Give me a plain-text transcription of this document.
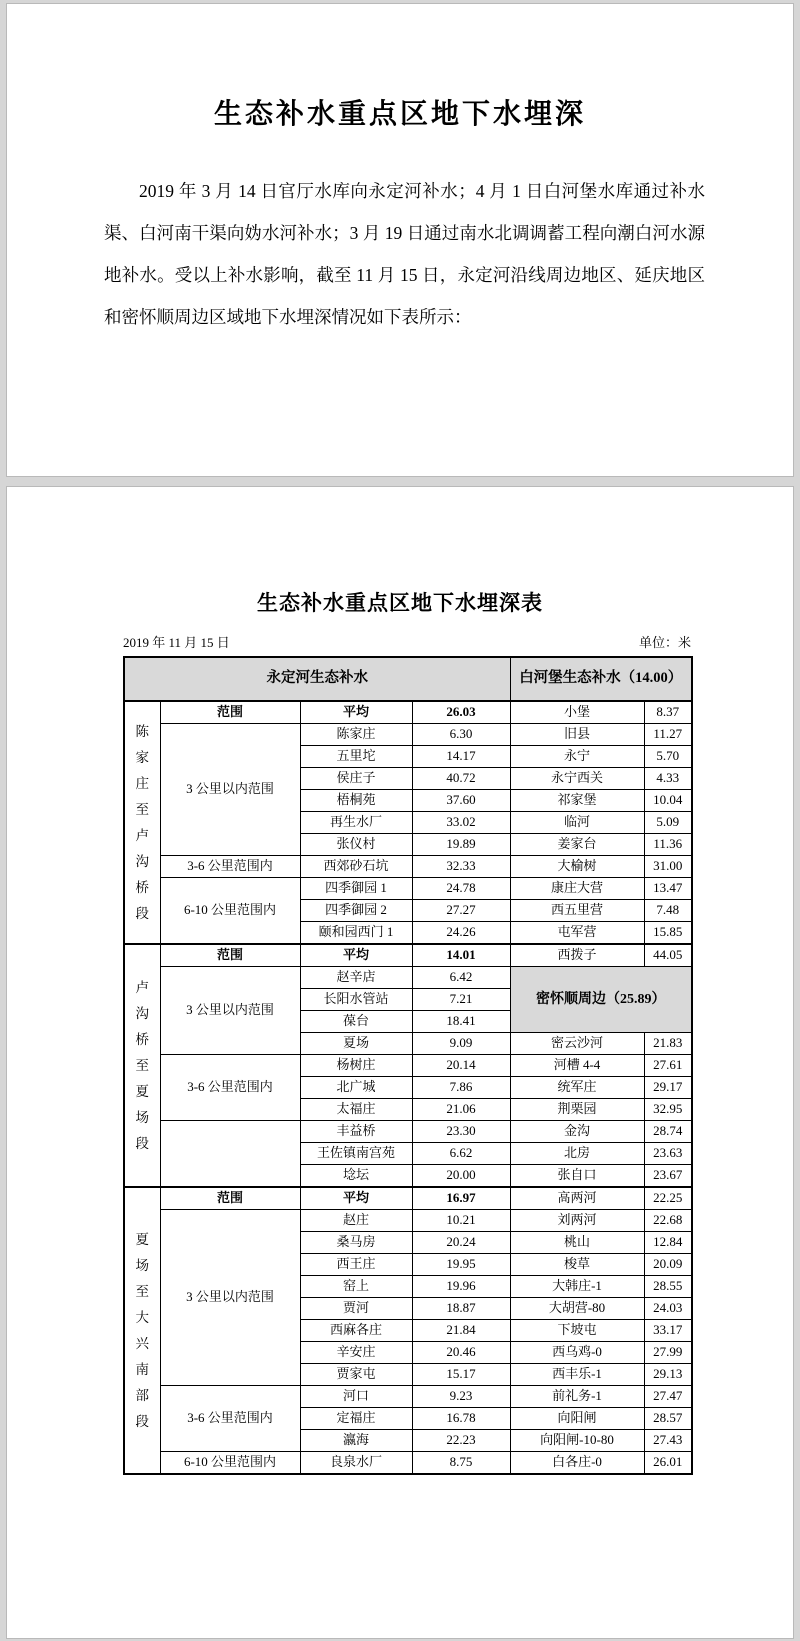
生态补水重点区地下水埋深
2019 年 3 月 14 日官厅水库向永定河补水；4 月 1 日白河堡水库通过补水渠、白河南干渠向妫水河补水；3 月 19 日通过南水北调调蓄工程向潮白河水源地补水。受以上补水影响，截至 11 月 15 日，永定河沿线周边地区、延庆地区和密怀顺周边区域地下水埋深情况如下表所示：
生态补水重点区地下水埋深表
2019 年 11 月 15 日	单位：米
永定河生态补水				白河堡生态补水（14.00）	

陈家庄至卢沟桥段	范围	平均	26.03	小堡	8.37
	3 公里以内范围	陈家庄	6.30	旧县	11.27
		五里坨	14.17	永宁	5.70
		侯庄子	40.72	永宁西关	4.33
		梧桐苑	37.60	祁家堡	10.04
		再生水厂	33.02	临河	5.09
		张仪村	19.89	姜家台	11.36
	3-6 公里范围内	西郊砂石坑	32.33	大榆树	31.00
	6-10 公里范围内	四季御园 1	24.78	康庄大营	13.47
		四季御园 2	27.27	西五里营	7.48
		颐和园西门 1	24.26	屯军营	15.85

卢沟桥至夏场段	范围	平均	14.01	西拨子	44.05
	3 公里以内范围	赵辛店	6.42	密怀顺周边（25.89）	
		长阳水管站	7.21		
		葆台	18.41		
		夏场	9.09	密云沙河	21.83
	3-6 公里范围内	杨树庄	20.14	河槽 4-4	27.61
		北广城	7.86	统军庄	29.17
		太福庄	21.06	荆栗园	32.95
		丰益桥	23.30	金沟	28.74
		王佐镇南宫苑	6.62	北房	23.63
		埝坛	20.00	张自口	23.67

夏场至大兴南部段	范围	平均	16.97	高两河	22.25
	3 公里以内范围	赵庄	10.21	刘两河	22.68
		桑马房	20.24	桃山	12.84
		西王庄	19.95	梭草	20.09
		窑上	19.96	大韩庄-1	28.55
		贾河	18.87	大胡营-80	24.03
		西麻各庄	21.84	下坡屯	33.17
		辛安庄	20.46	西乌鸡-0	27.99
		贾家屯	15.17	西丰乐-1	29.13
	3-6 公里范围内	河口	9.23	前礼务-1	27.47
		定福庄	16.78	向阳闸	28.57
		瀛海	22.23	向阳闸-10-80	27.43
	6-10 公里范围内	良泉水厂	8.75	白各庄-0	26.01
